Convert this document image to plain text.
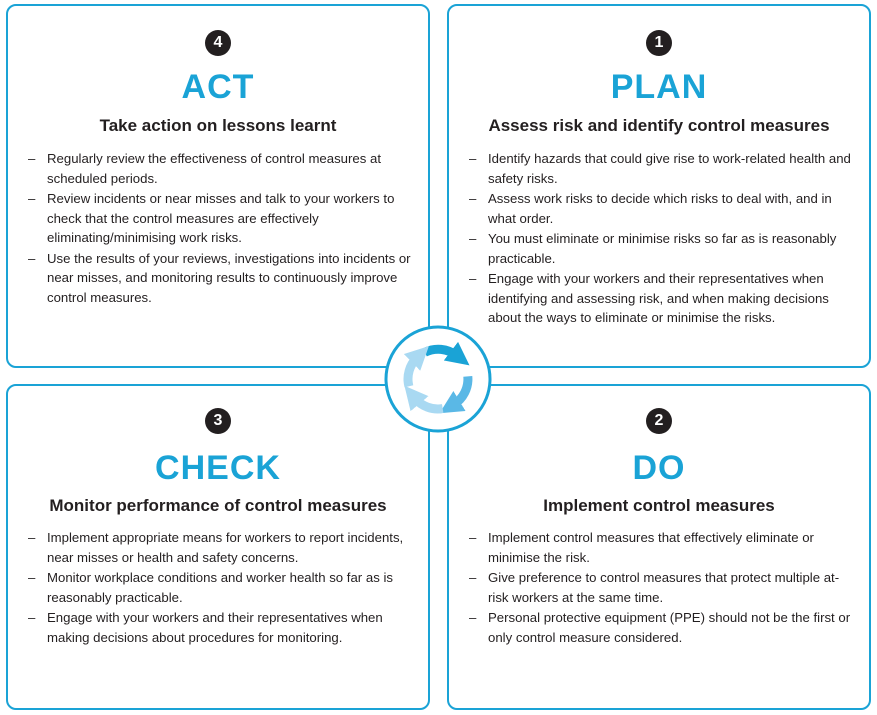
4
ACT
Take action on lessons learnt
– Regularly review the effectiveness of control measures at scheduled periods.
– Review incidents or near misses and talk to your workers to check that the control measures are effectively eliminating/minimising work risks.
– Use the results of your reviews, investigations into incidents or near misses, and monitoring results to continuously improve control measures.
1
PLAN
Assess risk and identify control measures
– Identify hazards that could give rise to work-related health and safety risks.
– Assess work risks to decide which risks to deal with, and in what order.
– You must eliminate or minimise risks so far as is reasonably practicable.
– Engage with your workers and their representatives when identifying and assessing risk, and when making decisions about the ways to eliminate or minimise the risks.
3
CHECK
Monitor performance of control measures
– Implement appropriate means for workers to report incidents, near misses or health and safety concerns.
– Monitor workplace conditions and worker health so far as is reasonably practicable.
– Engage with your workers and their representatives when making decisions about procedures for monitoring.
2
DO
Implement control measures
– Implement control measures that effectively eliminate or minimise the risk.
– Give preference to control measures that protect multiple at-risk workers at the same time.
– Personal protective equipment (PPE) should not be the first or only control measure considered.
